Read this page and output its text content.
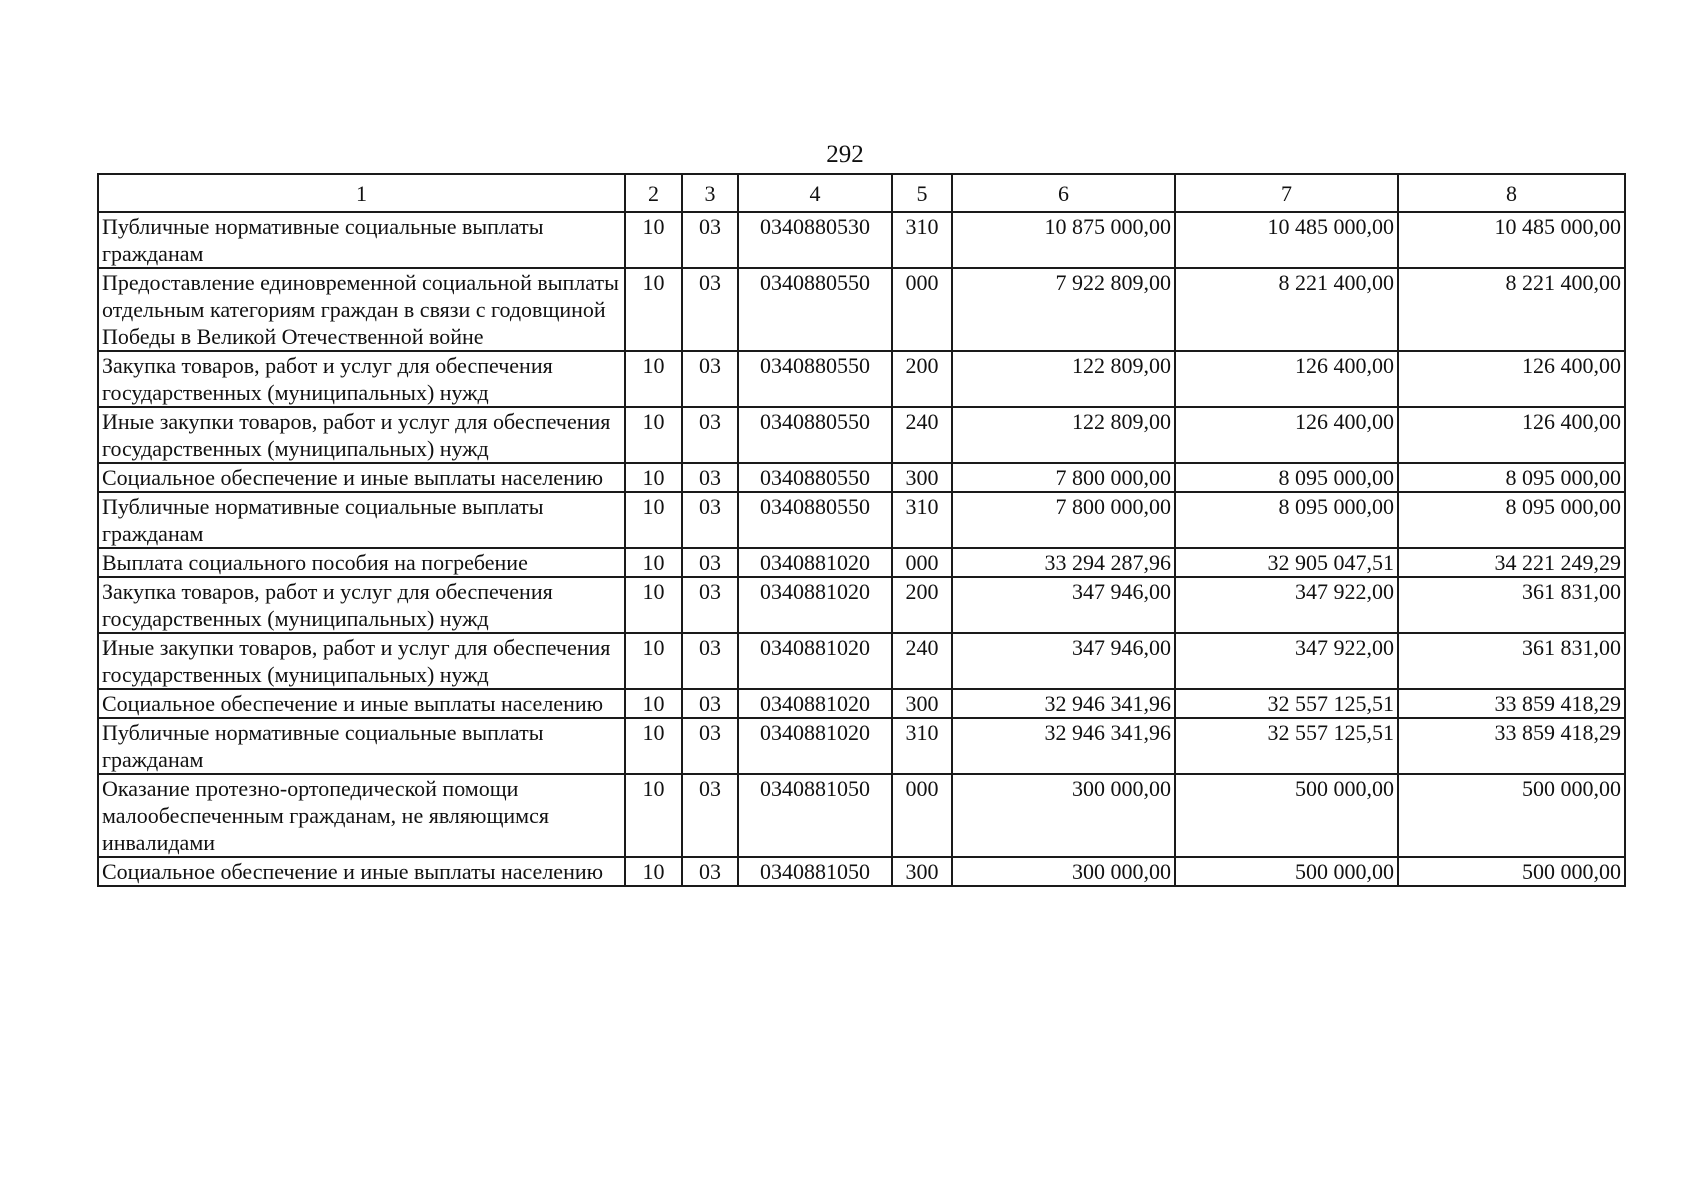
292
1	2	3	4	5	6	7	8
Публичные нормативные социальные выплаты гражданам	10	03	0340880530	310	10 875 000,00	10 485 000,00	10 485 000,00
Предоставление единовременной социальной выплаты отдельным категориям граждан в связи с годовщиной Победы в Великой Отечественной войне	10	03	0340880550	000	7 922 809,00	8 221 400,00	8 221 400,00
Закупка товаров, работ и услуг для обеспечения государственных (муниципальных) нужд	10	03	0340880550	200	122 809,00	126 400,00	126 400,00
Иные закупки товаров, работ и услуг для обеспечения государственных (муниципальных) нужд	10	03	0340880550	240	122 809,00	126 400,00	126 400,00
Социальное обеспечение и иные выплаты населению	10	03	0340880550	300	7 800 000,00	8 095 000,00	8 095 000,00
Публичные нормативные социальные выплаты гражданам	10	03	0340880550	310	7 800 000,00	8 095 000,00	8 095 000,00
Выплата социального пособия на погребение	10	03	0340881020	000	33 294 287,96	32 905 047,51	34 221 249,29
Закупка товаров, работ и услуг для обеспечения государственных (муниципальных) нужд	10	03	0340881020	200	347 946,00	347 922,00	361 831,00
Иные закупки товаров, работ и услуг для обеспечения государственных (муниципальных) нужд	10	03	0340881020	240	347 946,00	347 922,00	361 831,00
Социальное обеспечение и иные выплаты населению	10	03	0340881020	300	32 946 341,96	32 557 125,51	33 859 418,29
Публичные нормативные социальные выплаты гражданам	10	03	0340881020	310	32 946 341,96	32 557 125,51	33 859 418,29
Оказание протезно-ортопедической помощи малообеспеченным гражданам, не являющимся инвалидами	10	03	0340881050	000	300 000,00	500 000,00	500 000,00
Социальное обеспечение и иные выплаты населению	10	03	0340881050	300	300 000,00	500 000,00	500 000,00
